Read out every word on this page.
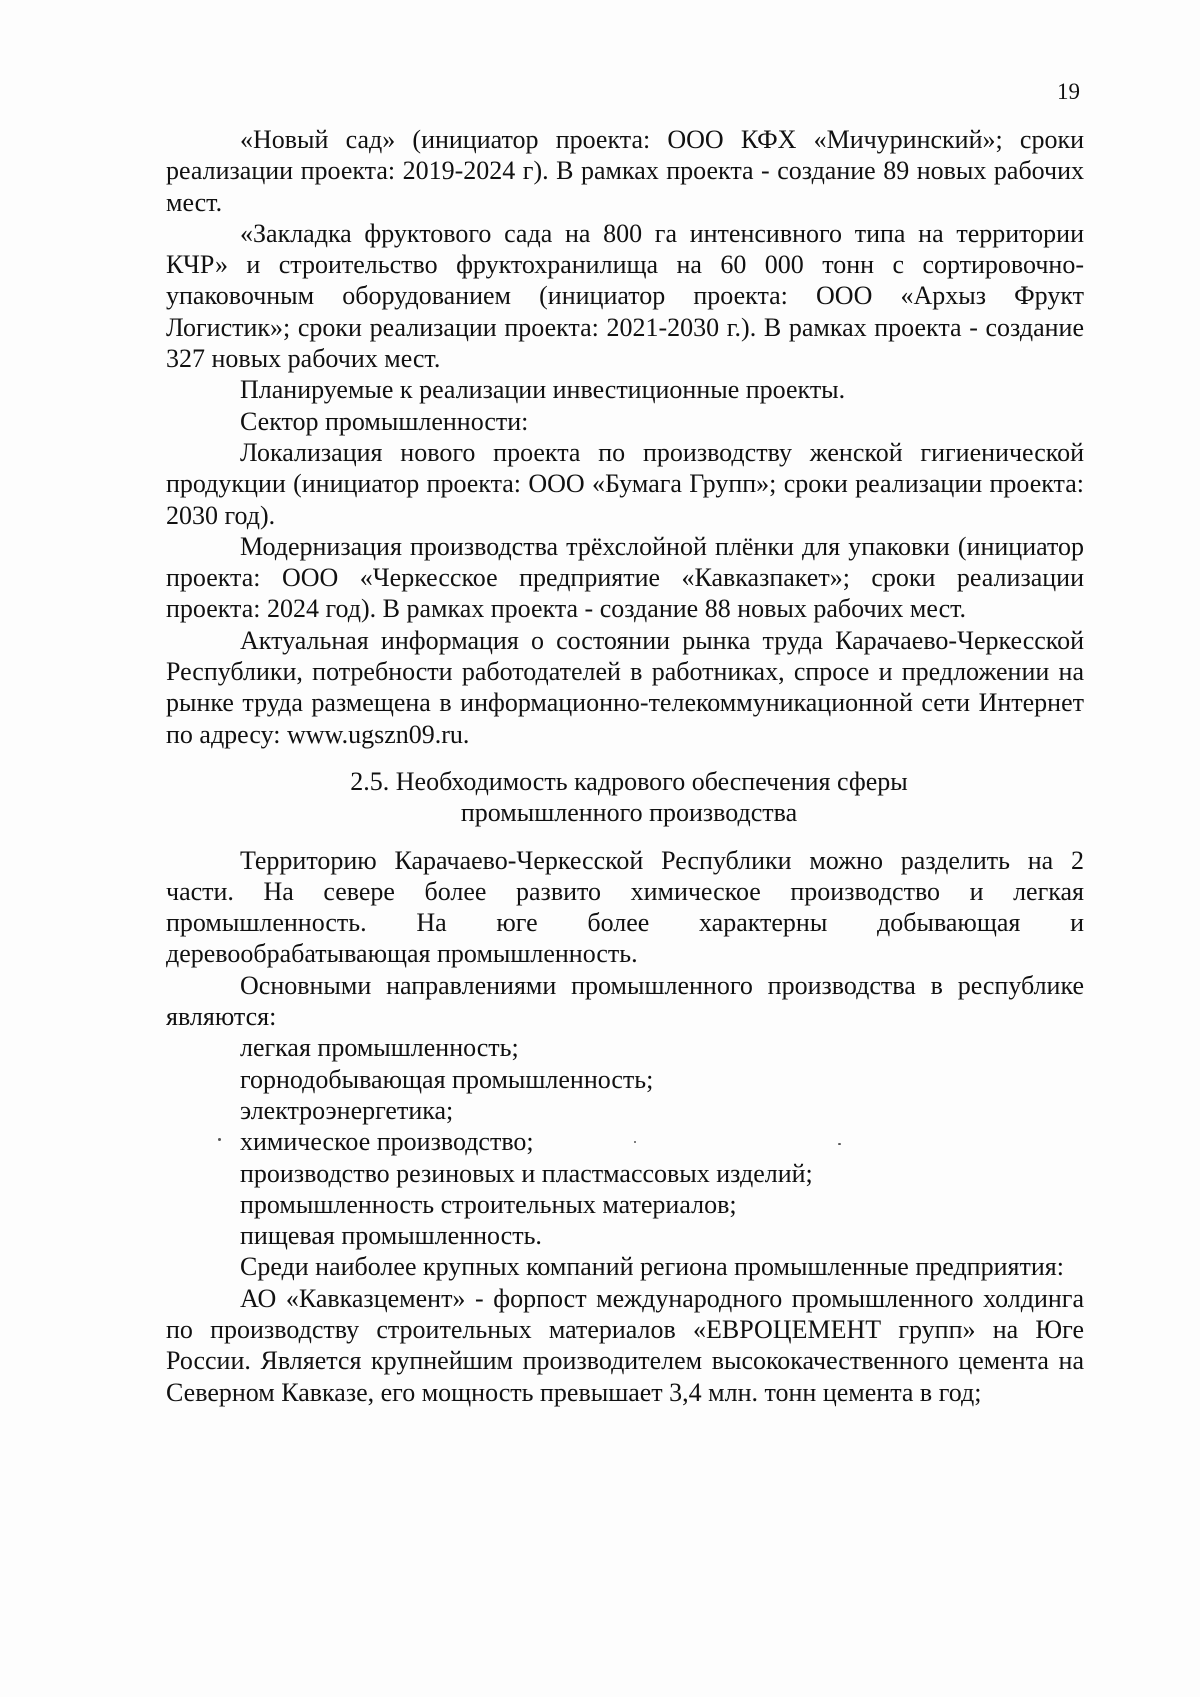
19

«Новый сад» (инициатор проекта: ООО КФХ «Мичуринский»; сроки реализации проекта: 2019-2024 г). В рамках проекта - создание 89 новых рабочих мест.

«Закладка фруктового сада на 800 га интенсивного типа на территории КЧР» и строительство фруктохранилища на 60 000 тонн с сортировочно-упаковочным оборудованием (инициатор проекта: ООО «Архыз Фрукт Логистик»; сроки реализации проекта: 2021-2030 г.). В рамках проекта - создание 327 новых рабочих мест.

Планируемые к реализации инвестиционные проекты.

Сектор промышленности:

Локализация нового проекта по производству женской гигиенической продукции (инициатор проекта: ООО «Бумага Групп»; сроки реализации проекта: 2030 год).

Модернизация производства трёхслойной плёнки для упаковки (инициатор проекта: ООО «Черкесское предприятие «Кавказпакет»; сроки реализации проекта: 2024 год). В рамках проекта - создание 88 новых рабочих мест.

Актуальная информация о состоянии рынка труда Карачаево-Черкесской Республики, потребности работодателей в работниках, спросе и предложении на рынке труда размещена в информационно-телекоммуникационной сети Интернет по адресу: www.ugszn09.ru.

2.5. Необходимость кадрового обеспечения сферы
промышленного производства

Территорию Карачаево-Черкесской Республики можно разделить на 2 части. На севере более развито химическое производство и легкая промышленность. На юге более характерны добывающая и деревообрабатывающая промышленность.

Основными направлениями промышленного производства в республике являются:

легкая промышленность;
горнодобывающая промышленность;
электроэнергетика;
химическое производство;
производство резиновых и пластмассовых изделий;
промышленность строительных материалов;
пищевая промышленность.

Среди наиболее крупных компаний региона промышленные предприятия:

АО «Кавказцемент» - форпост международного промышленного холдинга по производству строительных материалов «ЕВРОЦЕМЕНТ групп» на Юге России. Является крупнейшим производителем высококачественного цемента на Северном Кавказе, его мощность превышает 3,4 млн. тонн цемента в год;
